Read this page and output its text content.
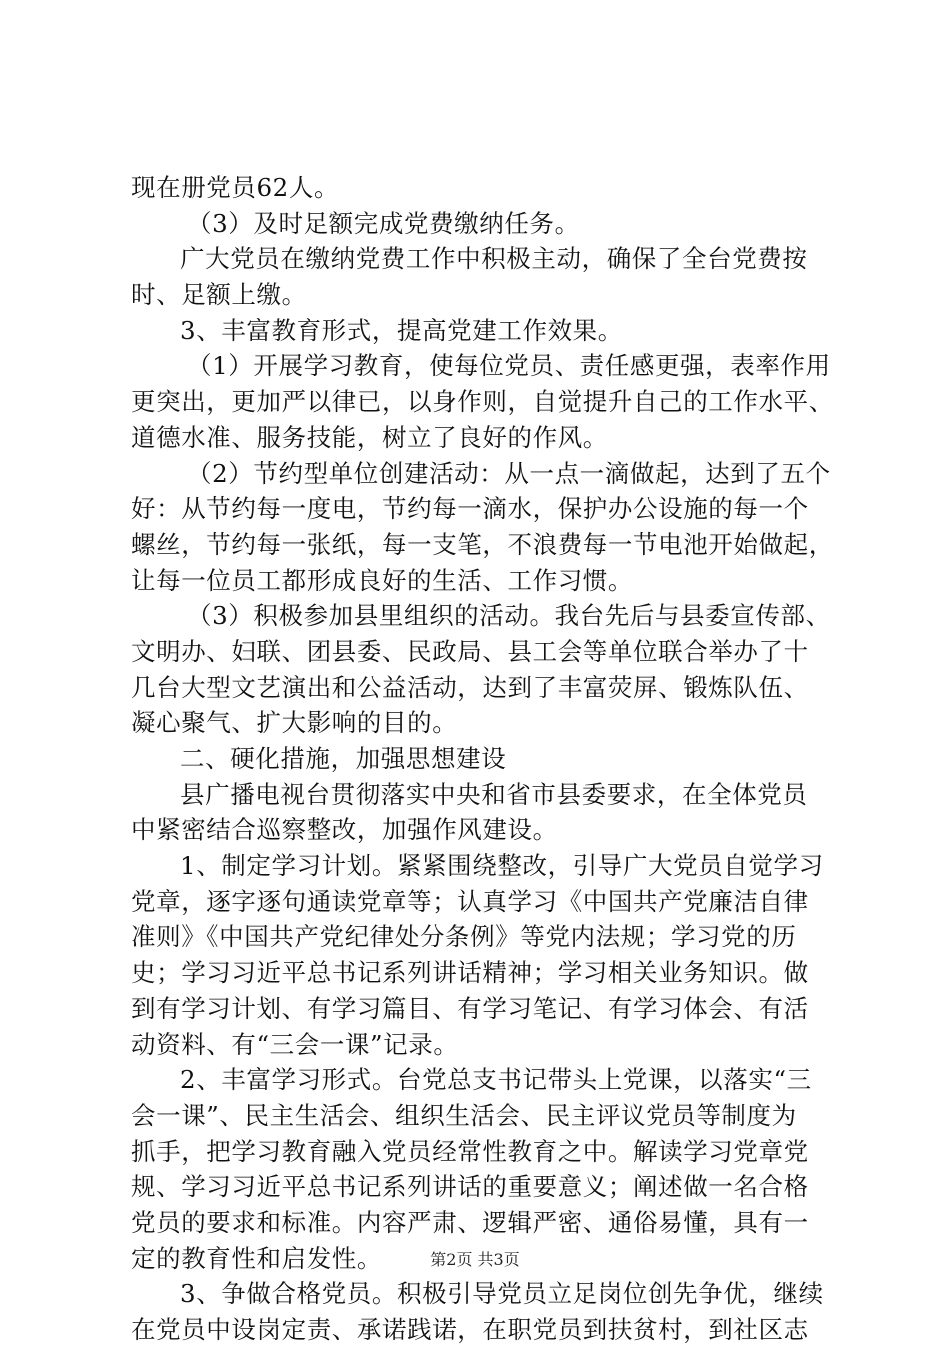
现在册党员62人。
（3）及时足额完成党费缴纳任务。
广大党员在缴纳党费工作中积极主动，确保了全台党费按
时、足额上缴。
3、丰富教育形式，提高党建工作效果。
（1）开展学习教育，使每位党员、责任感更强，表率作用
更突出，更加严以律已，以身作则，自觉提升自己的工作水平、
道德水准、服务技能，树立了良好的作风。
（2）节约型单位创建活动：从一点一滴做起，达到了五个
好：从节约每一度电，节约每一滴水，保护办公设施的每一个
螺丝，节约每一张纸，每一支笔，不浪费每一节电池开始做起，
让每一位员工都形成良好的生活、工作习惯。
（3）积极参加县里组织的活动。我台先后与县委宣传部、
文明办、妇联、团县委、民政局、县工会等单位联合举办了十
几台大型文艺演出和公益活动，达到了丰富荧屏、锻炼队伍、
凝心聚气、扩大影响的目的。
二、硬化措施，加强思想建设
县广播电视台贯彻落实中央和省市县委要求，在全体党员
中紧密结合巡察整改，加强作风建设。
1、制定学习计划。紧紧围绕整改，引导广大党员自觉学习
党章，逐字逐句通读党章等；认真学习《中国共产党廉洁自律
准则》《中国共产党纪律处分条例》等党内法规；学习党的历
史；学习习近平总书记系列讲话精神；学习相关业务知识。做
到有学习计划、有学习篇目、有学习笔记、有学习体会、有活
动资料、有“三会一课”记录。
2、丰富学习形式。台党总支书记带头上党课，以落实“三
会一课”、民主生活会、组织生活会、民主评议党员等制度为
抓手，把学习教育融入党员经常性教育之中。解读学习党章党
规、学习习近平总书记系列讲话的重要意义；阐述做一名合格
党员的要求和标准。内容严肃、逻辑严密、通俗易懂，具有一
定的教育性和启发性。
3、争做合格党员。积极引导党员立足岗位创先争优，继续
在党员中设岗定责、承诺践诺，在职党员到扶贫村，到社区志
第2页 共3页
